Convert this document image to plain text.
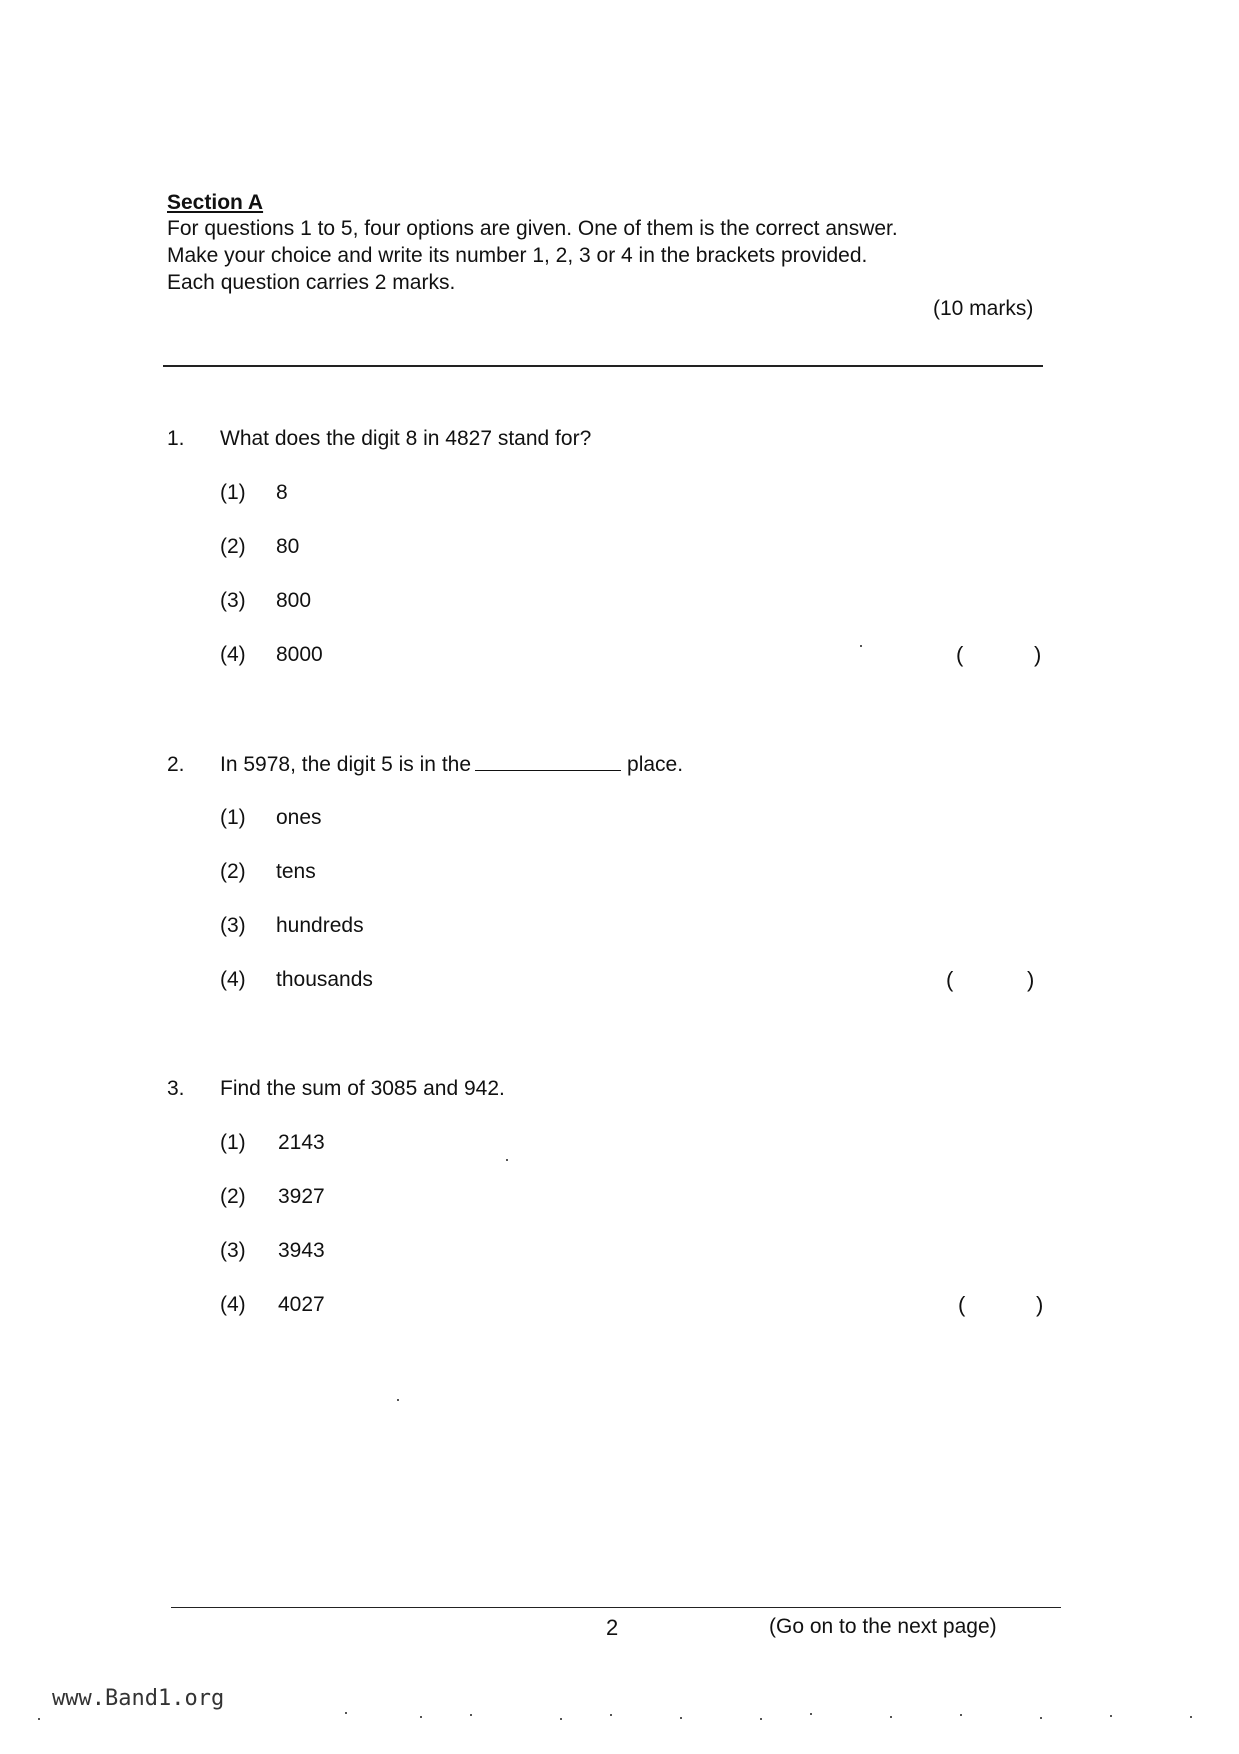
Section A
For questions 1 to 5, four options are given. One of them is the correct answer.
Make your choice and write its number 1, 2, 3 or 4 in the brackets provided.
Each question carries 2 marks.
(10 marks)
1. What does the digit 8 in 4827 stand for?
(1) 8
(2) 80
(3) 800
(4) 8000	(	)
2. In 5978, the digit 5 is in the	place.
(1) ones
(2) tens
(3) hundreds
(4) thousands	(	)
3. Find the sum of 3085 and 942.
(1) 2143
(2) 3927
(3) 3943
(4) 4027	(	)
2	(Go on to the next page)
www.Band1.org
